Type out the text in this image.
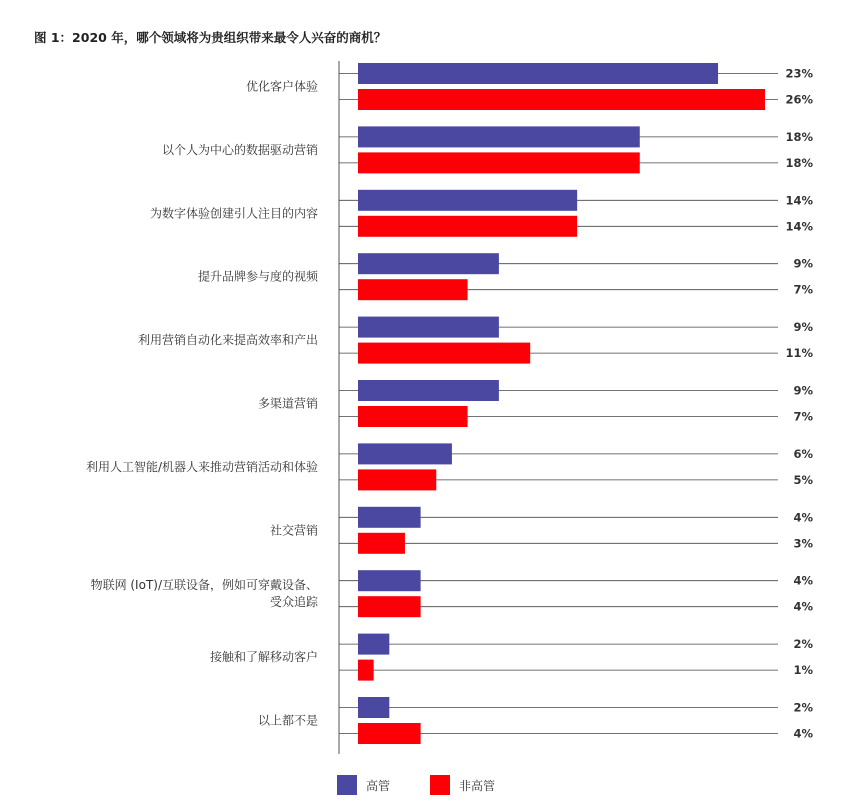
图 1：2020 年，哪个领域将为贵组织带来最令人兴奋的商机？
23%
26%
优化客户体验
18%
18%
以个人为中心的数据驱动营销
14%
14%
为数字体验创建引人注目的内容
9%
7%
提升品牌参与度的视频
9%
11%
利用营销自动化来提高效率和产出
9%
7%
多渠道营销
6%
5%
利用人工智能/机器人来推动营销活动和体验
4%
3%
社交营销
4%
4%
物联网 (IoT)/互联设备，例如可穿戴设备、
受众追踪
2%
1%
接触和了解移动客户
2%
4%
以上都不是
高管	非高管
